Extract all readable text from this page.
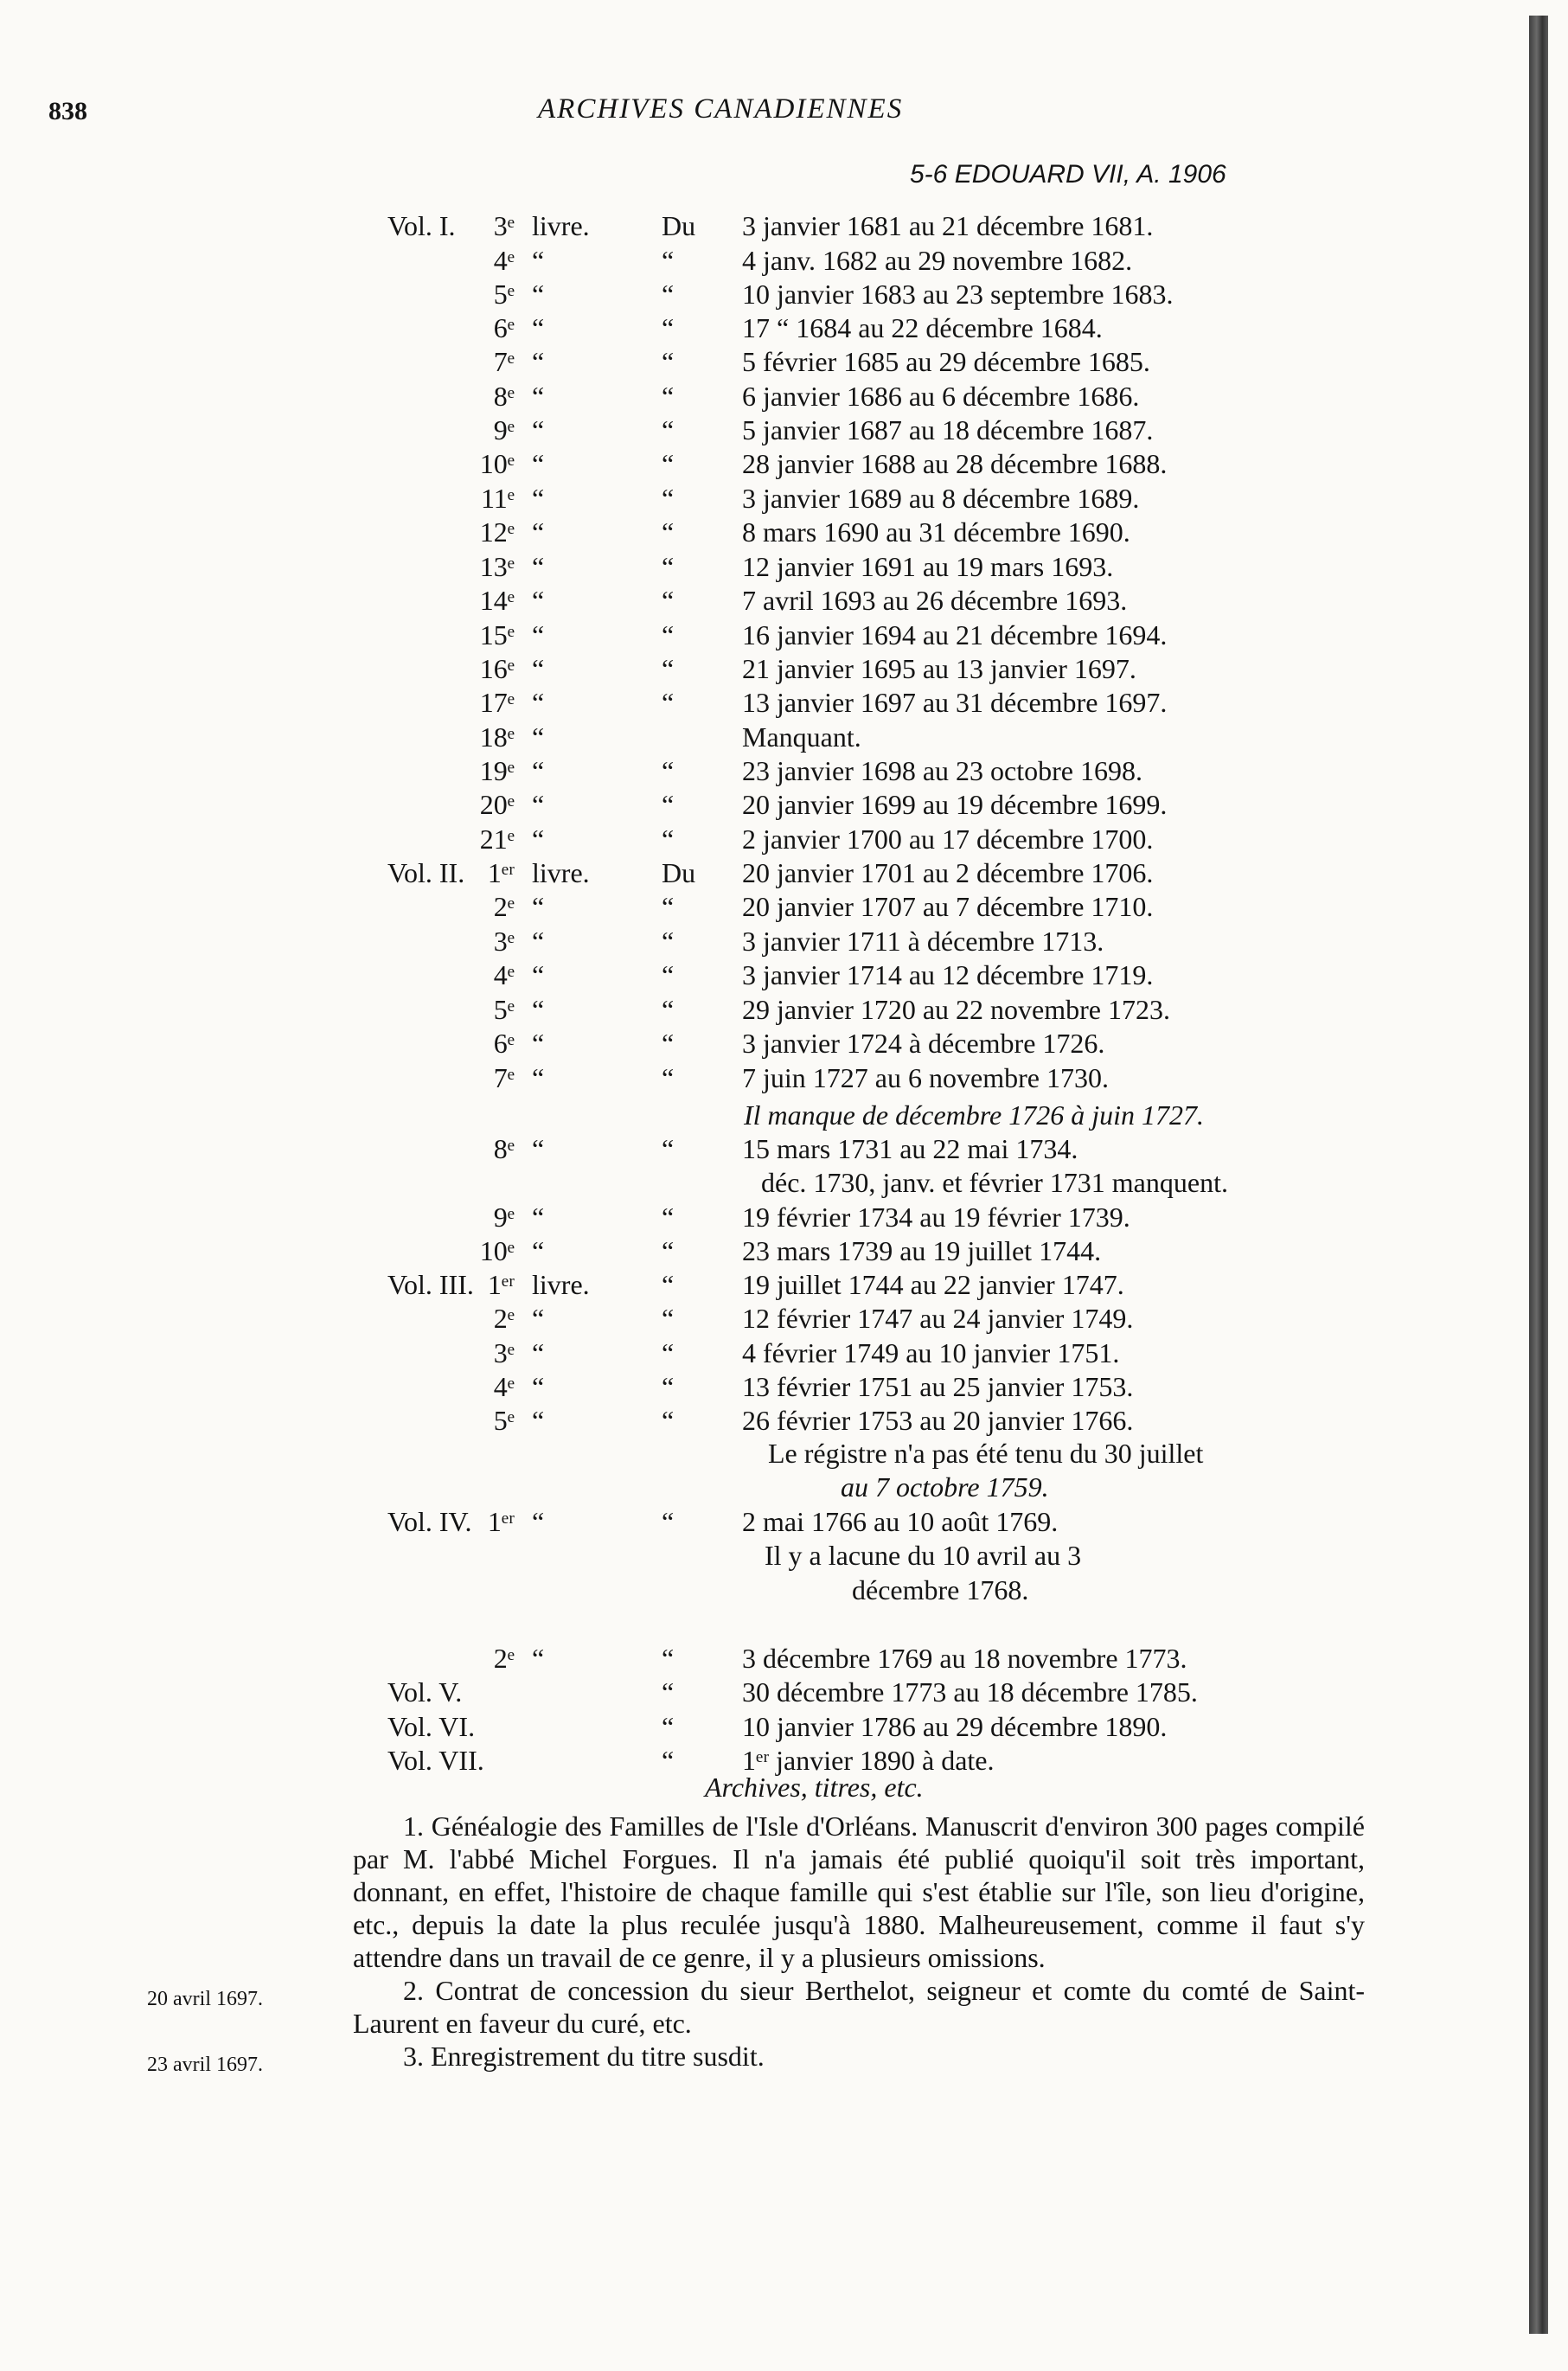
838	ARCHIVES CANADIENNES
5-6 EDOUARD VII, A. 1906
Vol. I.	3ᵉ livre.	Du 3 janvier 1681 au 21 décembre 1681.
4ᵉ “	“ 4 janv. 1682 au 29 novembre 1682.
5ᵉ “	“ 10 janvier 1683 au 23 septembre 1683.
6ᵉ “	“ 17 “ 1684 au 22 décembre 1684.
7ᵉ “	“ 5 février 1685 au 29 décembre 1685.
8ᵉ “	“ 6 janvier 1686 au 6 décembre 1686.
9ᵉ “	“ 5 janvier 1687 au 18 décembre 1687.
10ᵉ “	“ 28 janvier 1688 au 28 décembre 1688.
11ᵉ “	“ 3 janvier 1689 au 8 décembre 1689.
12ᵉ “	“ 8 mars 1690 au 31 décembre 1690.
13ᵉ “	“ 12 janvier 1691 au 19 mars 1693.
14ᵉ “	“ 7 avril 1693 au 26 décembre 1693.
15ᵉ “	“ 16 janvier 1694 au 21 décembre 1694.
16ᵉ “	“ 21 janvier 1695 au 13 janvier 1697.
17ᵉ “	“ 13 janvier 1697 au 31 décembre 1697.
18ᵉ “	Manquant.
19ᵉ “	“ 23 janvier 1698 au 23 octobre 1698.
20ᵉ “	“ 20 janvier 1699 au 19 décembre 1699.
21ᵉ “	“ 2 janvier 1700 au 17 décembre 1700.
Vol. II. 1ᵉʳ livre.	Du 20 janvier 1701 au 2 décembre 1706.
2ᵉ “	“ 20 janvier 1707 au 7 décembre 1710.
3ᵉ “	“ 3 janvier 1711 à décembre 1713.
4ᵉ “	“ 3 janvier 1714 au 12 décembre 1719.
5ᵉ “	“ 29 janvier 1720 au 22 novembre 1723.
6ᵉ “	“ 3 janvier 1724 à décembre 1726.
7ᵉ “	“ 7 juin 1727 au 6 novembre 1730.
8ᵉ “	“ 15 mars 1731 au 22 mai 1734.
9ᵉ “	“ 19 février 1734 au 19 février 1739.
10ᵉ “	“ 23 mars 1739 au 19 juillet 1744.
Vol. III. 1ᵉʳ livre.	“ 19 juillet 1744 au 22 janvier 1747.
2ᵉ “	“ 12 février 1747 au 24 janvier 1749.
3ᵉ “	“ 4 février 1749 au 10 janvier 1751.
4ᵉ “	“ 13 février 1751 au 25 janvier 1753.
5ᵉ “	“ 26 février 1753 au 20 janvier 1766.
Vol. IV. 1ᵉʳ “	“ 2 mai 1766 au 10 août 1769.
2ᵉ “	“ 3 décembre 1769 au 18 novembre 1773.
Vol. V.	“ 30 décembre 1773 au 18 décembre 1785.
Vol. VI.	“ 10 janvier 1786 au 29 décembre 1890.
Vol. VII.	“ 1ᵉʳ janvier 1890 à date.
Il manque de décembre 1726 à juin 1727.
déc. 1730, janv. et février 1731 manquent.
Le régistre n'a pas été tenu du 30 juillet
au 7 octobre 1759.
Il y a lacune du 10 avril au 3
décembre 1768.
Archives, titres, etc.

1. Généalogie des Familles de l'Isle d'Orléans. Manuscrit d'environ 300 pages compilé par M. l'abbé Michel Forgues. Il n'a jamais été publié quoiqu'il soit très important, donnant, en effet, l'histoire de chaque famille qui s'est établie sur l'île, son lieu d'origine, etc., depuis la date la plus reculée jusqu'à 1880. Malheureusement, comme il faut s'y attendre dans un travail de ce genre, il y a plusieurs omissions.

20 avril 1697.	2. Contrat de concession du sieur Berthelot, seigneur et comte du comté de Saint-Laurent en faveur du curé, etc.

23 avril 1697.	3. Enregistrement du titre susdit.
